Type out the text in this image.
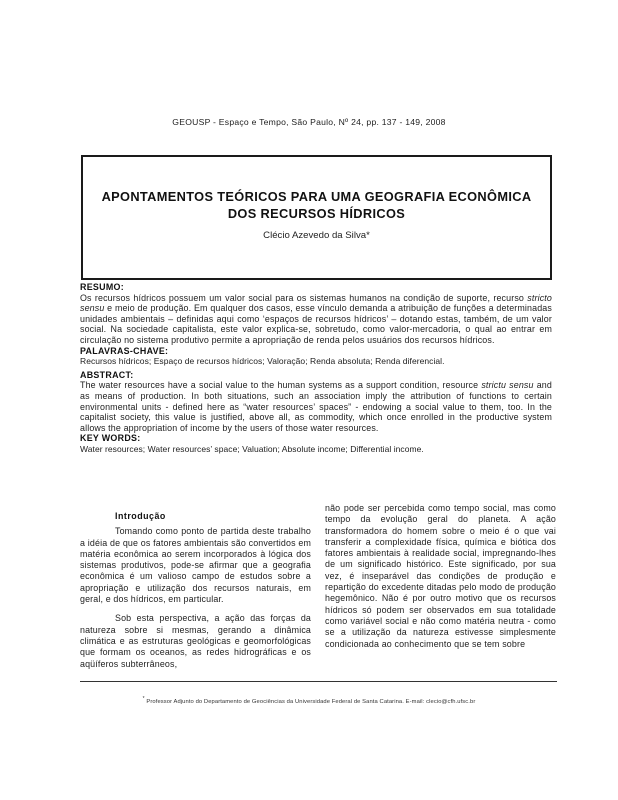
GEOUSP - Espaço e Tempo, São Paulo, Nº 24, pp. 137 - 149, 2008
APONTAMENTOS TEÓRICOS PARA UMA GEOGRAFIA ECONÔMICA
DOS RECURSOS HÍDRICOS
Clécio Azevedo da Silva*
RESUMO:
Os recursos hídricos possuem um valor social para os sistemas humanos na condição de suporte, recurso stricto sensu e meio de produção. Em qualquer dos casos, esse vínculo demanda a atribuição de funções a determinadas unidades ambientais – definidas aqui como ‘espaços de recursos hídricos’ – dotando estas, também, de um valor social. Na sociedade capitalista, este valor explica-se, sobretudo, como valor-mercadoria, o qual ao entrar em circulação no sistema produtivo permite a apropriação de renda pelos usuários dos recursos hídricos.
PALAVRAS-CHAVE:
Recursos hídricos; Espaço de recursos hídricos; Valoração; Renda absoluta; Renda diferencial.
ABSTRACT:
The water resources have a social value to the human systems as a support condition, resource strictu sensu and as means of production. In both situations, such an association imply the attribution of functions to certain environmental units - defined here as “water resources’ spaces” - endowing a social value to them, too. In the capitalist society, this value is justified, above all, as commodity, which once enrolled in the productive system allows the appropriation of income by the users of those water resources.
KEY WORDS:
Water resources; Water resources’ space; Valuation; Absolute income; Differential income.
Introdução

Tomando como ponto de partida deste trabalho a idéia de que os fatores ambientais são convertidos em matéria econômica ao serem incorporados à lógica dos sistemas produtivos, pode-se afirmar que a geografia econômica é um valioso campo de estudos sobre a apropriação e utilização dos recursos naturais, em geral, e dos hídricos, em particular.

Sob esta perspectiva, a ação das forças da natureza sobre si mesmas, gerando a dinâmica climática e as estruturas geológicas e geomorfológicas que formam os oceanos, as redes hidrográficas e os aqüíferos subterrâneos,

não pode ser percebida como tempo social, mas como tempo da evolução geral do planeta. A ação transformadora do homem sobre o meio é o que vai transferir a complexidade física, química e biótica dos fatores ambientais à realidade social, impregnando-lhes de um significado histórico. Este significado, por sua vez, é inseparável das condições de produção e repartição do excedente ditadas pelo modo de produção hegemônico. Não é por outro motivo que os recursos hídricos só podem ser observados em sua totalidade como variável social e não como matéria neutra - como se a utilização da natureza estivesse simplesmente condicionada ao conhecimento que se tem sobre

* Professor Adjunto do Departamento de Geociências da Universidade Federal de Santa Catarina. E-mail: clecio@cfh.ufsc.br
